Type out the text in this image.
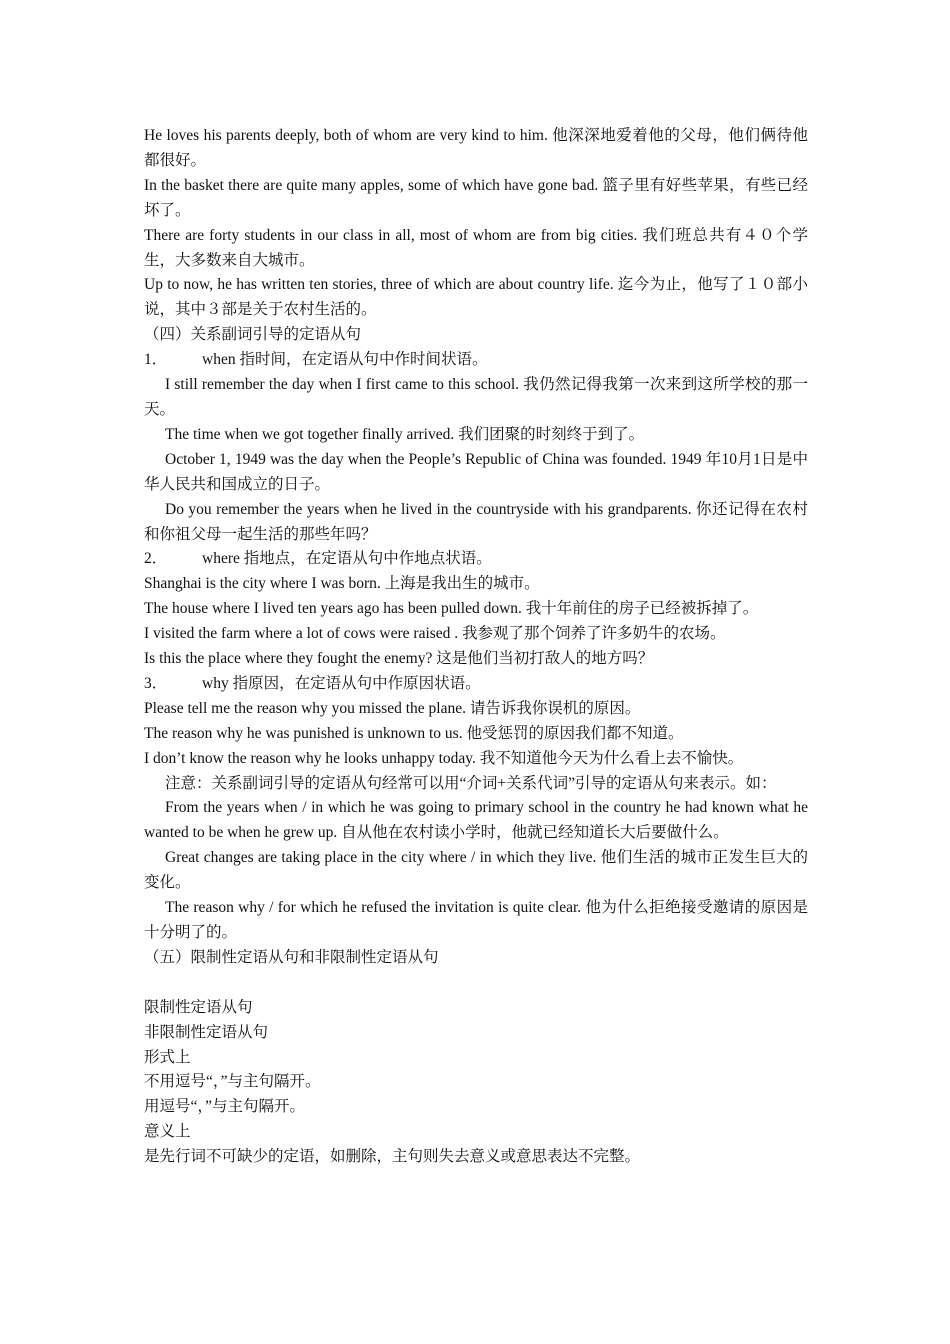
He loves his parents deeply, both of whom are very kind to him. 他深深地爱着他的父母，他们俩待他都很好。

In the basket there are quite many apples, some of which have gone bad. 篮子里有好些苹果，有些已经坏了。

There are forty students in our class in all, most of whom are from big cities. 我们班总共有４０个学生，大多数来自大城市。

Up to now, he has written ten stories, three of which are about country life. 迄今为止，他写了１０部小说，其中３部是关于农村生活的。

（四）关系副词引导的定语从句

1． when 指时间，在定语从句中作时间状语。

I still remember the day when I first came to this school. 我仍然记得我第一次来到这所学校的那一天。

The time when we got together finally arrived. 我们团聚的时刻终于到了。

October 1, 1949 was the day when the People’s Republic of China was founded. 1949 年10月1日是中华人民共和国成立的日子。

Do you remember the years when he lived in the countryside with his grandparents. 你还记得在农村和你祖父母一起生活的那些年吗？

2． where 指地点，在定语从句中作地点状语。

Shanghai is the city where I was born. 上海是我出生的城市。

The house where I lived ten years ago has been pulled down. 我十年前住的房子已经被拆掉了。

I visited the farm where a lot of cows were raised . 我参观了那个饲养了许多奶牛的农场。

Is this the place where they fought the enemy? 这是他们当初打敌人的地方吗？

3． why 指原因，在定语从句中作原因状语。

Please tell me the reason why you missed the plane. 请告诉我你误机的原因。

The reason why he was punished is unknown to us. 他受惩罚的原因我们都不知道。

I don’t know the reason why he looks unhappy today. 我不知道他今天为什么看上去不愉快。

注意：关系副词引导的定语从句经常可以用“介词+关系代词”引导的定语从句来表示。如：

From the years when / in which he was going to primary school in the country he had known what he wanted to be when he grew up. 自从他在农村读小学时，他就已经知道长大后要做什么。

Great changes are taking place in the city where / in which they live. 他们生活的城市正发生巨大的变化。

The reason why / for which he refused the invitation is quite clear. 他为什么拒绝接受邀请的原因是十分明了的。

（五）限制性定语从句和非限制性定语从句

限制性定语从句

非限制性定语从句

形式上

不用逗号“，”与主句隔开。

用逗号“，”与主句隔开。

意义上

是先行词不可缺少的定语，如删除，主句则失去意义或意思表达不完整。
